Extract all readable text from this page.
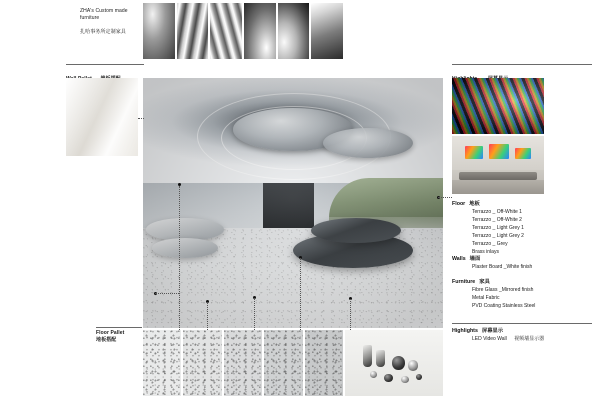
ZHA's Custom made furniture
扎哈事务所定制家具
Floor 地板
Terrazzo _ Off-White 1
Terrazzo _ Off-White 2
Terrazzo _ Light Grey 1
Terrazzo _ Light Grey 2
Terrazzo _ Grey
Brass inlays
Walls 墙面
Plaster Board _White finish
Furniture 家具
Fibre Glass _Mirrored finish
Metal Fabric
PVD Coating Stainless Steel
Highlights 屏幕显示
LED Video Wall 视频墙显示器
Floor Pallet
地板搭配
